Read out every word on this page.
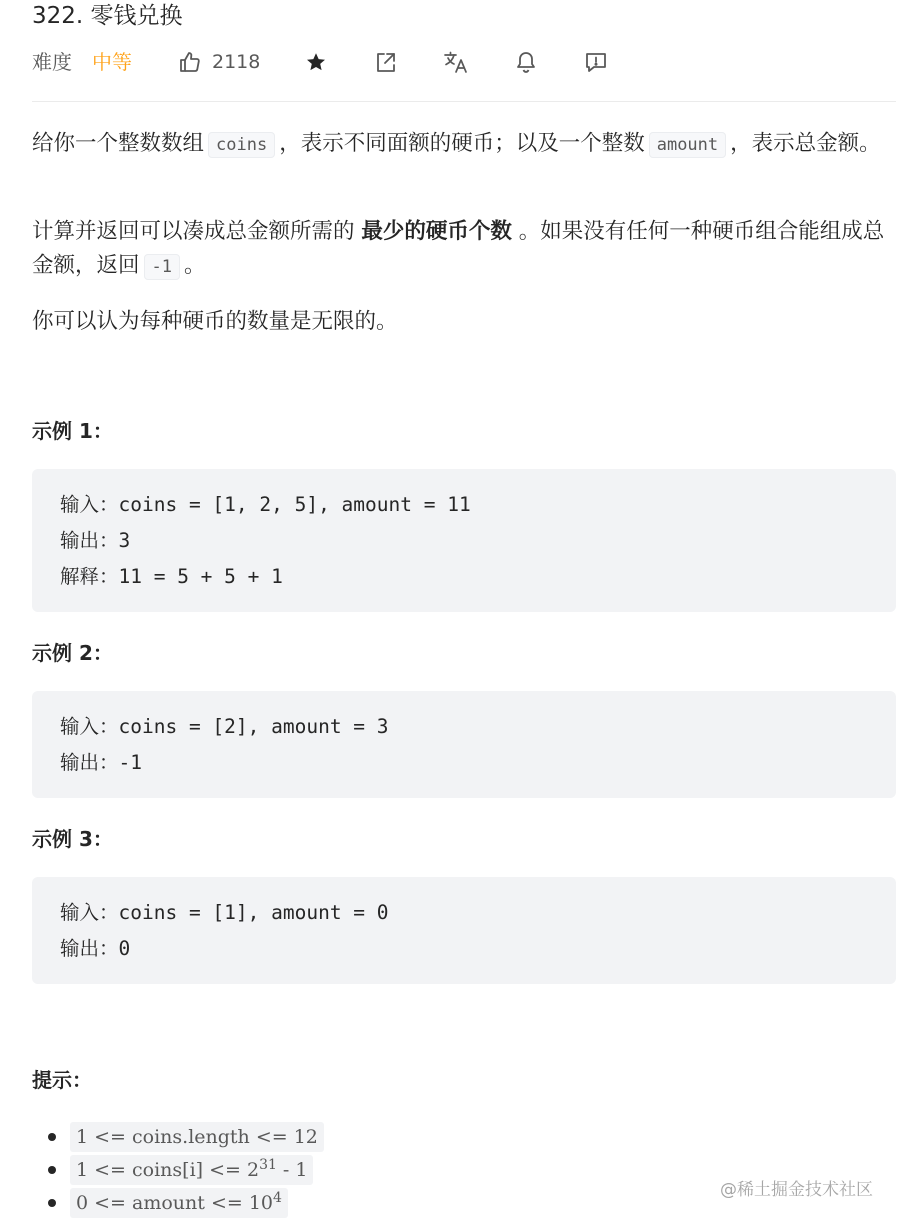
322. 零钱兑换
难度 中等	2118
给你一个整数数组 coins ，表示不同面额的硬币；以及一个整数 amount ，表示总金额。
计算并返回可以凑成总金额所需的 最少的硬币个数 。如果没有任何一种硬币组合能组成总金额，返回 -1 。
你可以认为每种硬币的数量是无限的。
示例 1：
输入：coins = [1, 2, 5], amount = 11
输出：3
解释：11 = 5 + 5 + 1
示例 2：
输入：coins = [2], amount = 3
输出：-1
示例 3：
输入：coins = [1], amount = 0
输出：0
提示：
1 <= coins.length <= 12
1 <= coins[i] <= $2^{31} - 1$
0 <= amount <= $10^4$	@稀土掘金技术社区
